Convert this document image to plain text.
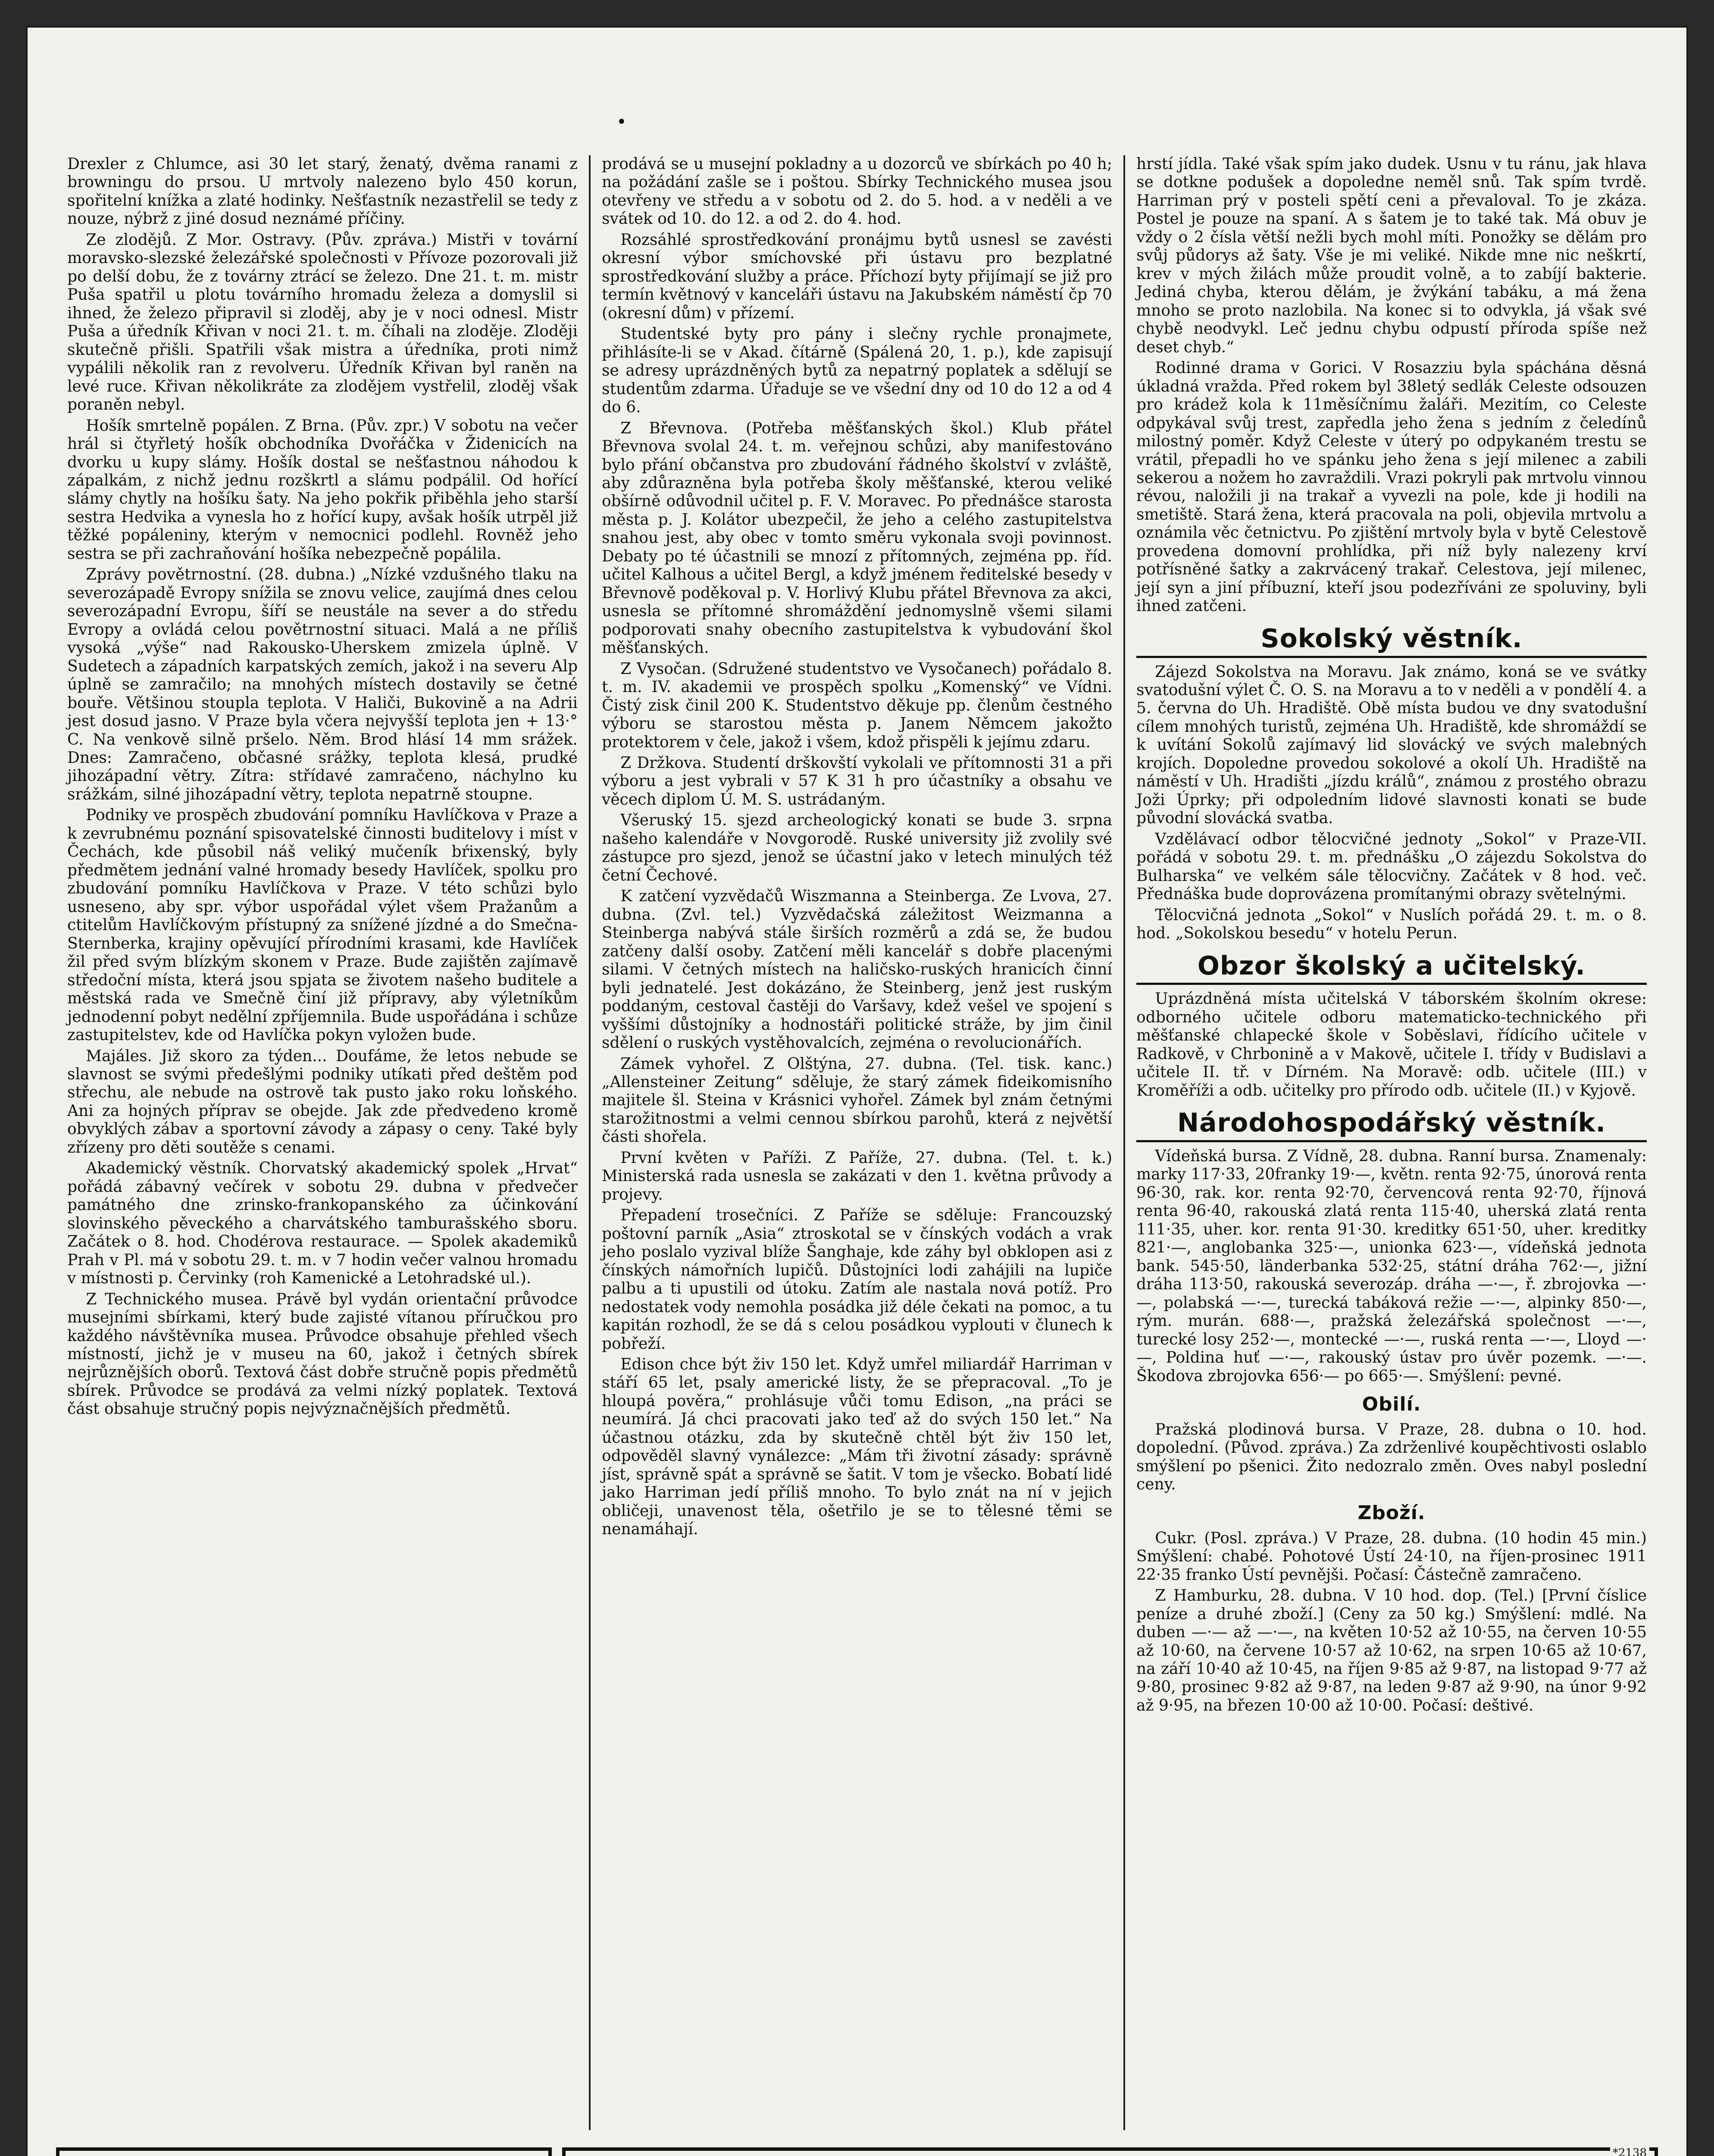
•

Drexler z Chlumce, asi 30 let starý, ženatý, dvěma ranami z browningu do prsou. U mrtvoly nalezeno bylo 450 korun, spořitelní knížka a zlaté hodinky. Nešťastník nezastřelil se tedy z nouze, nýbrž z jiné dosud neznámé příčiny.

Ze zlodějů. Z Mor. Ostravy. (Pův. zpráva.) Mistři v tovární moravsko-slezské železářské společnosti v Přívoze pozorovali již po delší dobu, že z továrny ztrácí se železo. Dne 21. t. m. mistr Puša spatřil u plotu továrního hromadu železa a domyslil si ihned, že železo připravil si zloděj, aby je v noci odnesl. Mistr Puša a úředník Křivan v noci 21. t. m. číhali na zloděje. Zloději skutečně přišli. Spatřili však mistra a úředníka, proti nimž vypálili několik ran z revolveru. Úředník Křivan byl raněn na levé ruce. Křivan několikráte za zlodějem vystřelil, zloděj však poraněn nebyl.

Hošík smrtelně popálen. Z Brna. (Pův. zpr.) V sobotu na večer hrál si čtyřletý hošík obchodníka Dvořáčka v Židenicích na dvorku u kupy slámy. Hošík dostal se nešťastnou náhodou k zápalkám, z nichž jednu rozškrtl a slámu podpálil. Od hořící slámy chytly na hošíku šaty. Na jeho pokřik přiběhla jeho starší sestra Hedvika a vynesla ho z hořící kupy, avšak hošík utrpěl již těžké popáleniny, kterým v nemocnici podlehl. Rovněž jeho sestra se při zachraňování hošíka nebezpečně popálila.

Zprávy povětrnostní. (28. dubna.) „Nízké vzdušného tlaku na severozápadě Evropy snížila se znovu velice, zaujímá dnes celou severozápadní Evropu, šíří se neustále na sever a do středu Evropy a ovládá celou povětrnostní situaci. Malá a ne příliš vysoká „výše“ nad Rakousko-Uherskem zmizela úplně. V Sudetech a západních karpatských zemích, jakož i na severu Alp úplně se zamračilo; na mnohých místech dostavily se četné bouře. Většinou stoupla teplota. V Haliči, Bukovině a na Adrii jest dosud jasno. V Praze byla včera nejvyšší teplota jen + 13·° C. Na venkově silně pršelo. Něm. Brod hlásí 14 mm srážek. Dnes: Zamračeno, občasné srážky, teplota klesá, prudké jihozápadní větry. Zítra: střídavé zamračeno, náchylno ku srážkám, silné jihozápadní větry, teplota nepatrně stoupne.

Podniky ve prospěch zbudování pomníku Havlíčkova v Praze a k zevrubnému poznání spisovatelské činnosti buditelovy i míst v Čechách, kde působil náš veliký mučeník bŕixenský, byly předmětem jednání valné hromady besedy Havlíček, spolku pro zbudování pomníku Havlíčkova v Praze. V této schůzi bylo usneseno, aby spr. výbor uspořádal výlet všem Pražanům a ctitelům Havlíčkovým přístupný za snížené jízdné a do Smečna-Sternberka, krajiny opěvující přírodními krasami, kde Havlíček žil před svým blízkým skonem v Praze. Bude zajištěn zajímavě středoční místa, která jsou spjata se životem našeho buditele a městská rada ve Smečně činí již přípravy, aby výletníkům jednodenní pobyt nedělní zpříjemnila. Bude uspořádána i schůze zastupitelstev, kde od Havlíčka pokyn vyložen bude.

Majáles. Již skoro za týden... Doufáme, že letos nebude se slavnost se svými předešlými podniky utíkati před deštěm pod střechu, ale nebude na ostrově tak pusto jako roku loňského. Ani za hojných příprav se obejde. Jak zde předvedeno kromě obvyklých zábav a sportovní závody a zápasy o ceny. Také byly zřízeny pro děti soutěže s cenami.

Akademický věstník. Chorvatský akademický spolek „Hrvat“ pořádá zábavný večírek v sobotu 29. dubna v předvečer památného dne zrinsko-frankopanského za účinkování slovinského pěveckého a charvátského tamburašského sboru. Začátek o 8. hod. Chodérova restaurace. — Spolek akademiků Prah v Pl. má v sobotu 29. t. m. v 7 hodin večer valnou hromadu v místnosti p. Červinky (roh Kamenické a Letohradské ul.).

Z Technického musea. Právě byl vydán orientační průvodce musejními sbírkami, který bude zajisté vítanou příručkou pro každého návštěvníka musea. Průvodce obsahuje přehled všech místností, jichž je v museu na 60, jakož i četných sbírek nejrůznějších oborů. Textová část dobře stručně popis předmětů sbírek. Průvodce se prodává za velmi nízký poplatek. Textová část obsahuje stručný popis nejvýznačnějších předmětů.

prodává se u musejní pokladny a u dozorců ve sbírkách po 40 h; na požádání zašle se i poštou. Sbírky Technického musea jsou otevřeny ve středu a v sobotu od 2. do 5. hod. a v neděli a ve svátek od 10. do 12. a od 2. do 4. hod.

Rozsáhlé sprostředkování pronájmu bytů usnesl se zavésti okresní výbor smíchovské při ústavu pro bezplatné sprostředkování služby a práce. Příchozí byty přijímají se již pro termín květnový v kanceláři ústavu na Jakubském náměstí čp 70 (okresní dům) v přízemí.

Studentské byty pro pány i slečny rychle pronajmete, přihlásíte-li se v Akad. čítárně (Spálená 20, 1. p.), kde zapisují se adresy uprázdněných bytů za nepatrný poplatek a sdělují se studentům zdarma. Úřaduje se ve všední dny od 10 do 12 a od 4 do 6.

Z Břevnova. (Potřeba měšťanských škol.) Klub přátel Břevnova svolal 24. t. m. veřejnou schůzi, aby manifestováno bylo přání občanstva pro zbudování řádného školství v zvláště, aby zdůrazněna byla potřeba školy měšťanské, kterou veliké obšírně odůvodnil učitel p. F. V. Moravec. Po přednášce starosta města p. J. Kolátor ubezpečil, že jeho a celého zastupitelstva snahou jest, aby obec v tomto směru vykonala svoji povinnost. Debaty po té účastnili se mnozí z přítomných, zejména pp. říd. učitel Kalhous a učitel Bergl, a když jménem ředitelské besedy v Břevnově poděkoval p. V. Horlivý Klubu přátel Břevnova za akci, usnesla se přítomné shromáždění jednomyslně všemi silami podporovati snahy obecního zastupitelstva k vybudování škol měšťanských.

Z Vysočan. (Sdružené studentstvo ve Vysočanech) pořádalo 8. t. m. IV. akademii ve prospěch spolku „Komenský“ ve Vídni. Čistý zisk činil 200 K. Studentstvo děkuje pp. členům čestného výboru se starostou města p. Janem Němcem jakožto protektorem v čele, jakož i všem, kdož přispěli k jejímu zdaru.

Z Držkova. Studentí drškovští vykolali ve přítomnosti 31 a při výboru a jest vybrali v 57 K 31 h pro účastníky a obsahu ve věcech diplom Ú. M. S. ustrádaným.

Všeruský 15. sjezd archeologický konati se bude 3. srpna našeho kalendáře v Novgorodě. Ruské university již zvolily své zástupce pro sjezd, jenož se účastní jako v letech minulých též četní Čechové.

K zatčení vyzvědačů Wiszmanna a Steinberga. Ze Lvova, 27. dubna. (Zvl. tel.) Vyzvědačská záležitost Weizmanna a Steinberga nabývá stále širších rozměrů a zdá se, že budou zatčeny další osoby. Zatčení měli kancelář s dobře placenými silami. V četných místech na haličsko-ruských hranicích činní byli jednatelé. Jest dokázáno, že Steinberg, jenž jest ruským poddaným, cestoval častěji do Varšavy, kdež vešel ve spojení s vyššími důstojníky a hodnostáři politické stráže, by jim činil sdělení o ruských vystěhovalcích, zejména o revolucionářích.

Zámek vyhořel. Z Olštýna, 27. dubna. (Tel. tisk. kanc.) „Allensteiner Zeitung“ sděluje, že starý zámek fideikomisního majitele šl. Steina v Krásnici vyhořel. Zámek byl znám četnými starožitnostmi a velmi cennou sbírkou parohů, která z největší části shořela.

První květen v Paříži. Z Paříže, 27. dubna. (Tel. t. k.) Ministerská rada usnesla se zakázati v den 1. května průvody a projevy.

Přepadení trosečníci. Z Paříže se sděluje: Francouzský poštovní parník „Asia“ ztroskotal se v čínských vodách a vrak jeho poslalo vyzival blíže Šanghaje, kde záhy byl obklopen asi z čínských námořních lupičů. Důstojníci lodi zahájili na lupiče palbu a ti upustili od útoku. Zatím ale nastala nová potíž. Pro nedostatek vody nemohla posádka již déle čekati na pomoc, a tu kapitán rozhodl, že se dá s celou posádkou vyplouti v člunech k pobřeží.

Edison chce být živ 150 let. Když umřel miliardář Harriman v stáří 65 let, psaly americké listy, že se přepracoval. „To je hloupá pověra,“ prohlásuje vůči tomu Edison, „na práci se neumírá. Já chci pracovati jako teď až do svých 150 let.“ Na účastnou otázku, zda by skutečně chtěl být živ 150 let, odpověděl slavný vynálezce: „Mám tři životní zásady: správně jíst, správně spát a správně se šatit. V tom je všecko. Bobatí lidé jako Harriman jedí příliš mnoho. To bylo znát na ní v jejich obličeji, unavenost těla, ošetřilo je se to tělesné těmi se nenamáhají.

hrstí jídla. Také však spím jako dudek. Usnu v tu ránu, jak hlava se dotkne podušek a dopoledne neměl snů. Tak spím tvrdě. Harriman prý v posteli spětí ceni a převaloval. To je zkáza. Postel je pouze na spaní. A s šatem je to také tak. Má obuv je vždy o 2 čísla větší nežli bych mohl míti. Ponožky se dělám pro svůj půdorys až šaty. Vše je mi veliké. Nikde mne nic neškrtí, krev v mých žilách může proudit volně, a to zabíjí bakterie. Jediná chyba, kterou dělám, je žvýkání tabáku, a má žena mnoho se proto nazlobila. Na konec si to odvykla, já však své chybě neodvykl. Leč jednu chybu odpustí příroda spíše než deset chyb.“

Rodinné drama v Gorici. V Rosazziu byla spáchána děsná úkladná vražda. Před rokem byl 38letý sedlák Celeste odsouzen pro krádež kola k 11měsíčnímu žaláři. Mezitím, co Celeste odpykával svůj trest, zapředla jeho žena s jedním z čeledínů milostný poměr. Když Celeste v úterý po odpykaném trestu se vrátil, přepadli ho ve spánku jeho žena s její milenec a zabili sekerou a nožem ho zavraždili. Vrazi pokryli pak mrtvolu vinnou révou, naložili ji na trakař a vyvezli na pole, kde ji hodili na smetiště. Stará žena, která pracovala na poli, objevila mrtvolu a oznámila věc četnictvu. Po zjištění mrtvoly byla v bytě Celestově provedena domovní prohlídka, při níž byly nalezeny krví potřísněné šatky a zakrvácený trakař. Celestova, její milenec, její syn a jiní příbuzní, kteří jsou podezříváni ze spoluviny, byli ihned zatčeni.

Sokolský věstník.

Zájezd Sokolstva na Moravu. Jak známo, koná se ve svátky svatodušní výlet Č. O. S. na Moravu a to v neděli a v pondělí 4. a 5. června do Uh. Hradiště. Obě místa budou ve dny svatodušní cílem mnohých turistů, zejména Uh. Hradiště, kde shromáždí se k uvítání Sokolů zajímavý lid slovácký ve svých malebných krojích. Dopoledne provedou sokolové a okolí Uh. Hradiště na náměstí v Uh. Hradišti „jízdu králů“, známou z prostého obrazu Joži Úprky; při odpoledním lidové slavnosti konati se bude původní slovácká svatba.

Vzdělávací odbor tělocvičné jednoty „Sokol“ v Praze-VII. pořádá v sobotu 29. t. m. přednášku „O zájezdu Sokolstva do Bulharska“ ve velkém sále tělocvičny. Začátek v 8 hod. več. Přednáška bude doprovázena promítanými obrazy světelnými.

Tělocvičná jednota „Sokol“ v Nuslích pořádá 29. t. m. o 8. hod. „Sokolskou besedu“ v hotelu Perun.

Obzor školský a učitelský.

Uprázdněná místa učitelská V táborském školním okrese: odborného učitele odboru matematicko-technického při měšťanské chlapecké škole v Soběslavi, řídícího učitele v Radkově, v Chrbonině a v Makově, učitele I. třídy v Budislavi a učitele II. tř. v Dírném. Na Moravě: odb. učitele (III.) v Kroměříži a odb. učitelky pro přírodo odb. učitele (II.) v Kyjově.

Národohospodářský věstník.

Vídeňská bursa. Z Vídně, 28. dubna. Ranní bursa. Znamenaly: marky 117·33, 20franky 19·—, květn. renta 92·75, únorová renta 96·30, rak. kor. renta 92·70, červencová renta 92·70, říjnová renta 96·40, rakouská zlatá renta 115·40, uherská zlatá renta 111·35, uher. kor. renta 91·30. kreditky 651·50, uher. kreditky 821·—, anglobanka 325·—, unionka 623·—, vídeňská jednota bank. 545·50, länderbanka 532·25, státní dráha 762·—, jižní dráha 113·50, rakouská severozáp. dráha —·—, ř. zbrojovka —·—, polabská —·—, turecká tabáková režie —·—, alpinky 850·—, rým. murán. 688·—, pražská železářská společnost —·—, turecké losy 252·—, montecké —·—, ruská renta —·—, Lloyd —·—, Poldina huť —·—, rakouský ústav pro úvěr pozemk. —·—. Škodova zbrojovka 656·— po 665·—. Smýšlení: pevné.

Obilí.

Pražská plodinová bursa. V Praze, 28. dubna o 10. hod. dopolední. (Původ. zpráva.) Za zdrženlivé koupěchtivosti oslablo smýšlení po pšenici. Žito nedozralo změn. Oves nabyl poslední ceny.

Zboží.

Cukr. (Posl. zpráva.) V Praze, 28. dubna. (10 hodin 45 min.) Smýšlení: chabé. Pohotové Ústí 24·10, na říjen-prosinec 1911 22·35 franko Ústí pevnějši. Počasí: Částečně zamračeno.

Z Hamburku, 28. dubna. V 10 hod. dop. (Tel.) [První číslice peníze a druhé zboží.] (Ceny za 50 kg.) Smýšlení: mdlé. Na duben —·— až —·—, na květen 10·52 až 10·55, na červen 10·55 až 10·60, na červene 10·57 až 10·62, na srpen 10·65 až 10·67, na září 10·40 až 10·45, na říjen 9·85 až 9·87, na listopad 9·77 až 9·80, prosinec 9·82 až 9·87, na leden 9·87 až 9·90, na únor 9·92 až 9·95, na březen 10·00 až 10·00. Počasí: deštivé.

*2138
